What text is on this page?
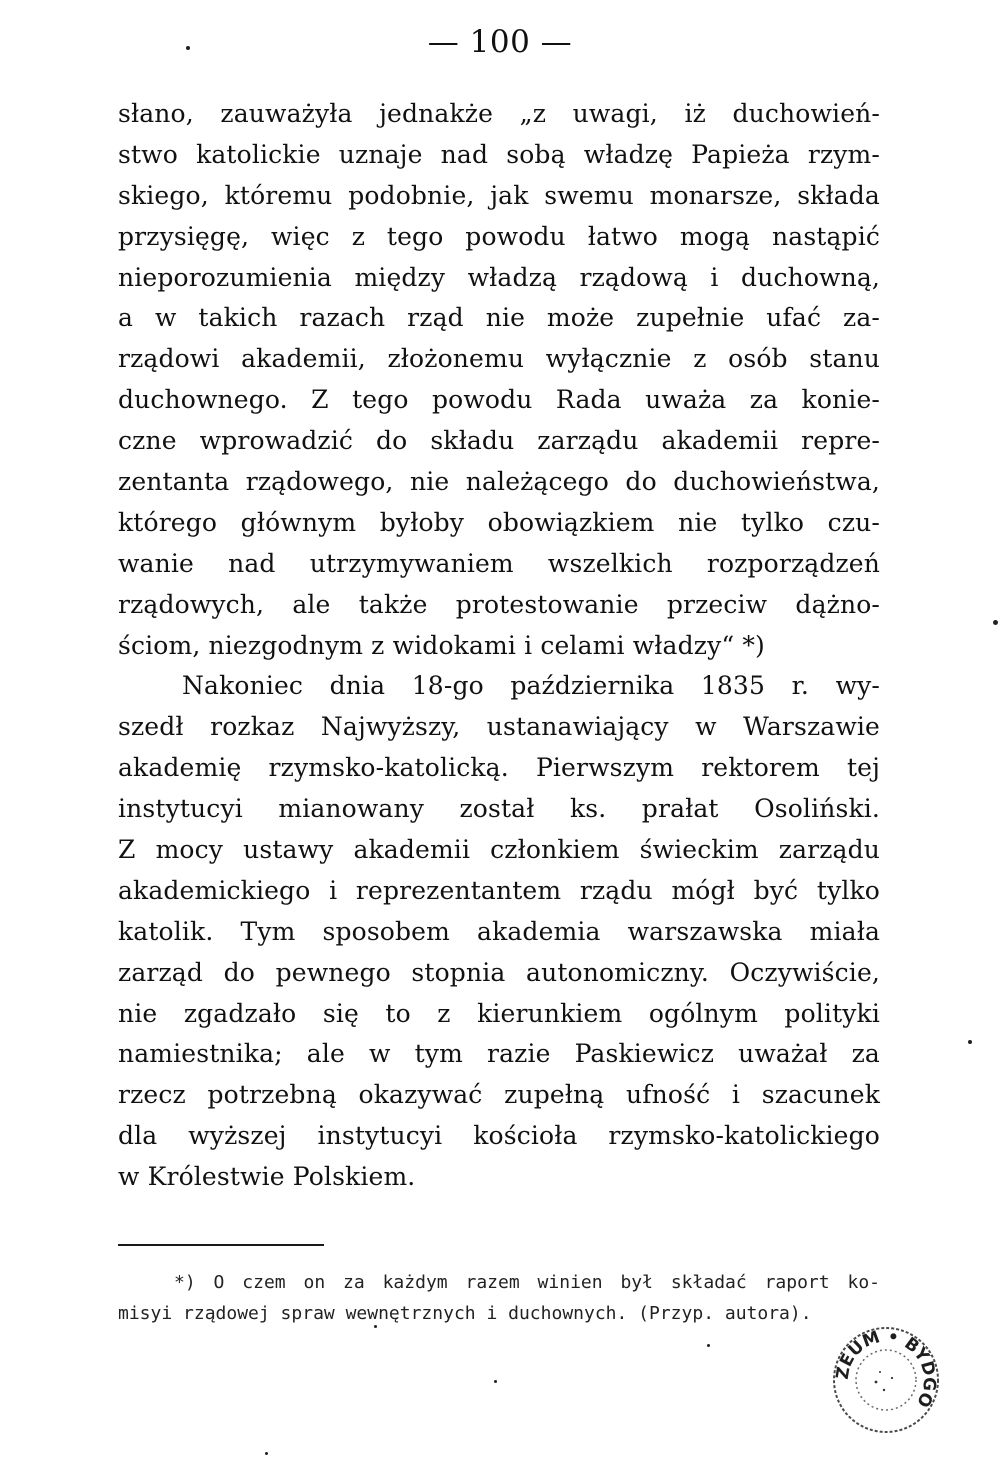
— 100 —
słano, zauważyła jednakże „z uwagi, iż duchowień-
stwo katolickie uznaje nad sobą władzę Papieża rzym-
skiego, któremu podobnie, jak swemu monarsze, składa
przysięgę, więc z tego powodu łatwo mogą nastąpić
nieporozumienia między władzą rządową i duchowną,
a w takich razach rząd nie może zupełnie ufać za-
rządowi akademii, złożonemu wyłącznie z osób stanu
duchownego. Z tego powodu Rada uważa za konie-
czne wprowadzić do składu zarządu akademii repre-
zentanta rządowego, nie należącego do duchowieństwa,
którego głównym byłoby obowiązkiem nie tylko czu-
wanie nad utrzymywaniem wszelkich rozporządzeń
rządowych, ale także protestowanie przeciw dążno-
ściom, niezgodnym z widokami i celami władzy“ *)
Nakoniec dnia 18-go października 1835 r. wy-
szedł rozkaz Najwyższy, ustanawiający w Warszawie
akademię rzymsko-katolicką. Pierwszym rektorem tej
instytucyi mianowany został ks. prałat Osoliński.
Z mocy ustawy akademii członkiem świeckim zarządu
akademickiego i reprezentantem rządu mógł być tylko
katolik. Tym sposobem akademia warszawska miała
zarząd do pewnego stopnia autonomiczny. Oczywiście,
nie zgadzało się to z kierunkiem ogólnym polityki
namiestnika; ale w tym razie Paskiewicz uważał za
rzecz potrzebną okazywać zupełną ufność i szacunek
dla wyższej instytucyi kościoła rzymsko-katolickiego
w Królestwie Polskiem.
*) O czem on za każdym razem winien był składać raport ko-
misyi rządowej spraw wewnętrznych i duchownych. (Przyp. autora).
ZEUM • BYDGO
